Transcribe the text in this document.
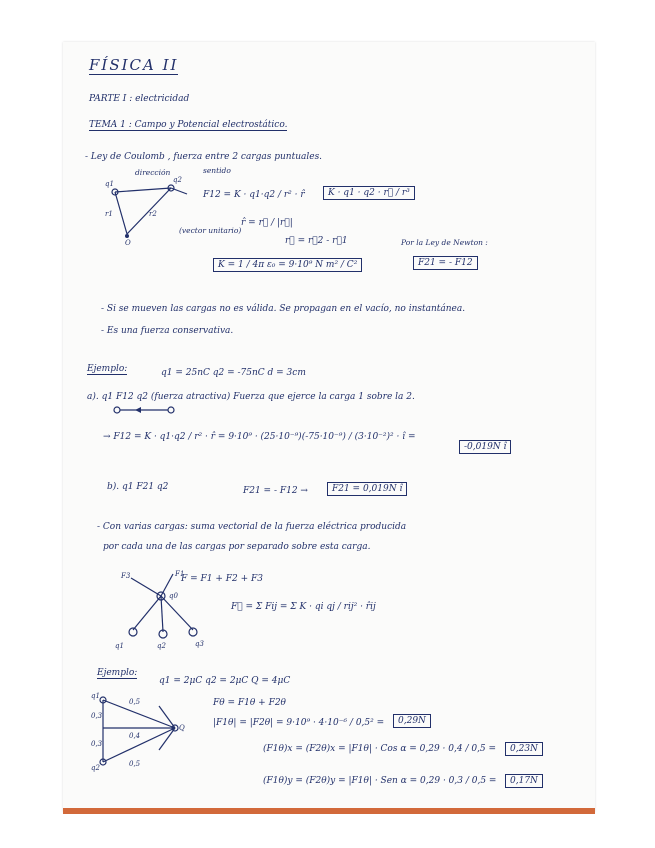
FÍSICA II
PARTE I : electricidad
TEMA 1 : Campo y Potencial electrostático.
- Ley de Coulomb , fuerza entre 2 cargas puntuales.
q1	q2
O
r1	r2
dirección	sentido
F12 = K · q1·q2 / r² · r̂	K · q1 · q2 · r⃗ / r³
r̂ = r⃗ / |r⃗|
(vector unitario)
r⃗ = r⃗2 - r⃗1
K = 1 / 4π ε₀ = 9·10⁹ N m² / C²
Por la Ley de Newton :
F21 = - F12
- Si se mueven las cargas no es válida. Se propagan en el vacío, no instantánea.
- Es una fuerza conservativa.
Ejemplo:	q1 = 25nC q2 = -75nC d = 3cm
a). q1 F12 q2 (fuerza atractiva) Fuerza que ejerce la carga 1 sobre la 2.
→ F12 = K · q1·q2 / r² · r̂ = 9·10⁹ · (25·10⁻⁹)(-75·10⁻⁹) / (3·10⁻²)² · î =
-0,019N î
b). q1 F21 q2	F21 = - F12 →	F21 = 0,019N î
- Con varias cargas: suma vectorial de la fuerza eléctrica producida
por cada una de las cargas por separado sobre esta carga.
q0
q1	q2	q3
F1
F3	F = F1 + F2 + F3
F⃗ = Σ Fij = Σ K · qi qj / rij² · r̂ij
Ejemplo:
q1 = 2μC q2 = 2μC Q = 4μC
q1
q2
Q
0,5
0,4
0,5
0,3
0,3
Fθ = F1θ + F2θ
|F1θ| = |F2θ| = 9·10⁹ · 4·10⁻⁶ / 0,5² =	0,29N
(F1θ)x = (F2θ)x = |F1θ| · Cos α = 0,29 · 0,4 / 0,5 =	0,23N
(F1θ)y = (F2θ)y = |F1θ| · Sen α = 0,29 · 0,3 / 0,5 =	0,17N
